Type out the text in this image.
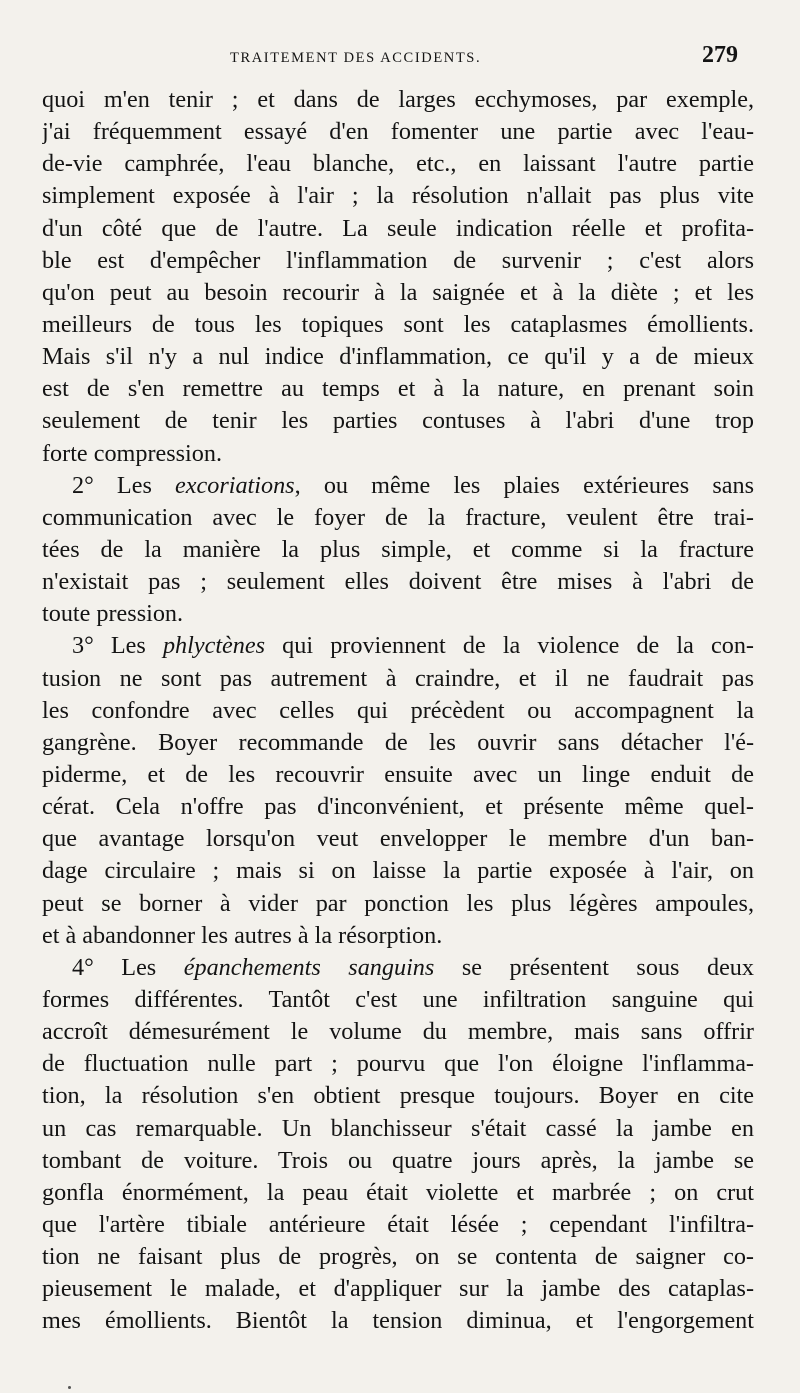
TRAITEMENT DES ACCIDENTS.	279
quoi m'en tenir ; et dans de larges ecchymoses, par exemple,
j'ai fréquemment essayé d'en fomenter une partie avec l'eau-
de-vie camphrée, l'eau blanche, etc., en laissant l'autre partie
simplement exposée à l'air ; la résolution n'allait pas plus vite
d'un côté que de l'autre. La seule indication réelle et profita-
ble est d'empêcher l'inflammation de survenir ; c'est alors
qu'on peut au besoin recourir à la saignée et à la diète ; et les
meilleurs de tous les topiques sont les cataplasmes émollients.
Mais s'il n'y a nul indice d'inflammation, ce qu'il y a de mieux
est de s'en remettre au temps et à la nature, en prenant soin
seulement de tenir les parties contuses à l'abri d'une trop
forte compression.
2° Les excoriations, ou même les plaies extérieures sans
communication avec le foyer de la fracture, veulent être trai-
tées de la manière la plus simple, et comme si la fracture
n'existait pas ; seulement elles doivent être mises à l'abri de
toute pression.
3° Les phlyctènes qui proviennent de la violence de la con-
tusion ne sont pas autrement à craindre, et il ne faudrait pas
les confondre avec celles qui précèdent ou accompagnent la
gangrène. Boyer recommande de les ouvrir sans détacher l'é-
piderme, et de les recouvrir ensuite avec un linge enduit de
cérat. Cela n'offre pas d'inconvénient, et présente même quel-
que avantage lorsqu'on veut envelopper le membre d'un ban-
dage circulaire ; mais si on laisse la partie exposée à l'air, on
peut se borner à vider par ponction les plus légères ampoules,
et à abandonner les autres à la résorption.
4° Les épanchements sanguins se présentent sous deux
formes différentes. Tantôt c'est une infiltration sanguine qui
accroît démesurément le volume du membre, mais sans offrir
de fluctuation nulle part ; pourvu que l'on éloigne l'inflamma-
tion, la résolution s'en obtient presque toujours. Boyer en cite
un cas remarquable. Un blanchisseur s'était cassé la jambe en
tombant de voiture. Trois ou quatre jours après, la jambe se
gonfla énormément, la peau était violette et marbrée ; on crut
que l'artère tibiale antérieure était lésée ; cependant l'infiltra-
tion ne faisant plus de progrès, on se contenta de saigner co-
pieusement le malade, et d'appliquer sur la jambe des cataplas-
mes émollients. Bientôt la tension diminua, et l'engorgement
